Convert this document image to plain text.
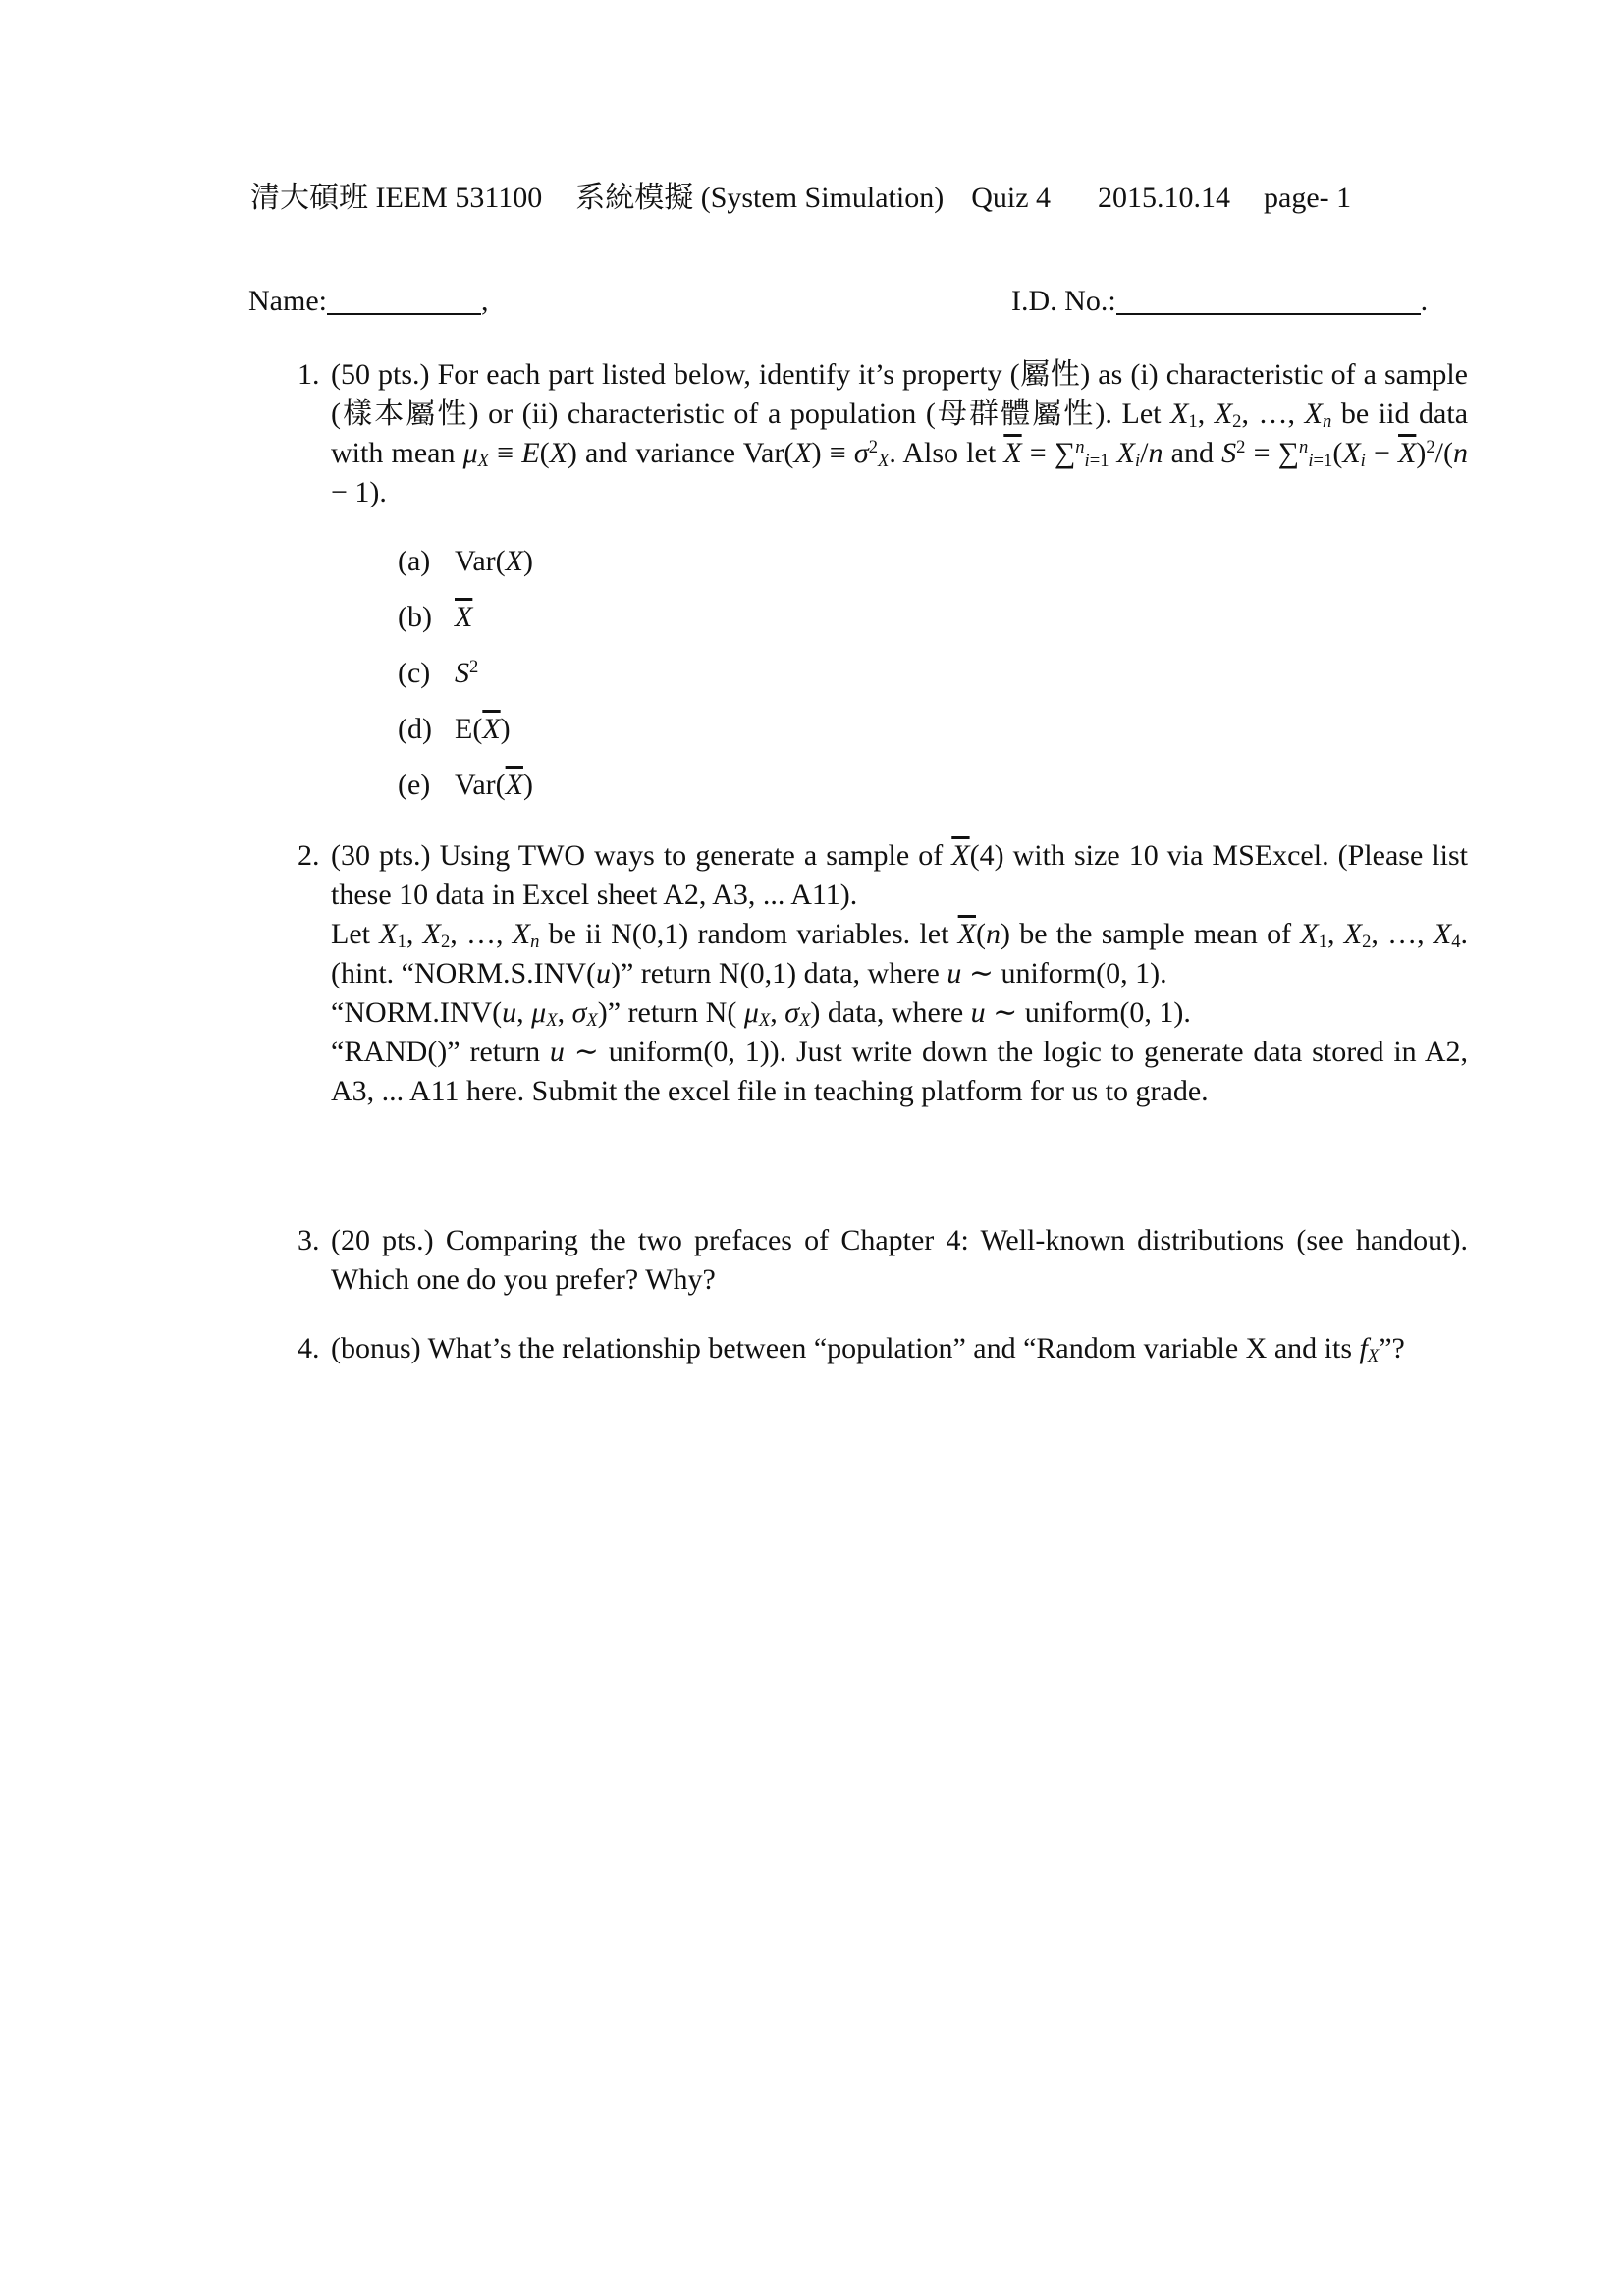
清大碩班 IEEM 531100 系統模擬 (System Simulation) Quiz 4 2015.10.14 page- 1
Name:	,	I.D. No.:	.
1. (50 pts.) For each part listed below, identify it’s property (屬性) as (i) characteristic of a sample (樣本屬性) or (ii) characteristic of a population (母群體屬性). Let $X_1$, $X_2$, …, $X_n$ be iid data with mean $\mu_X \equiv E(X)$ and variance $Var(X) \equiv \sigma^2_X$. Also let $\overline{X} = \sum^n_{i=1}$ $X_i/n$ and $S^2 = \sum^n_{i=1}(X_i - \overline{X})^2/(n - 1)$.
(a) Var(X)
(b) $\overline{X}$
(c) $S^2$
(d) $E(\overline{X})$
(e) $Var(\overline{X})$
2. (30 pts.) Using TWO ways to generate a sample of $\overline{X}(4)$ with size 10 via MSExcel. (Please list these 10 data in Excel sheet A2, A3, ... A11).
Let $X_1$, $X_2$, …, $X_n$ be ii N(0,1) random variables. let $\overline{X}(n)$ be the sample mean of $X_1$, $X_2$, …, $X_4$. (hint. “NORM.S.INV(u)” return N(0,1) data, where u ∼ uniform(0, 1).
“NORM.INV(u, $\mu_X$, $\sigma_X$)” return N( $\mu_X$, $\sigma_X$) data, where u ∼ uniform(0, 1).
“RAND()” return u ∼ uniform(0, 1)). Just write down the logic to generate data stored in A2, A3, ... A11 here. Submit the excel file in teaching platform for us to grade.
3. (20 pts.) Comparing the two prefaces of Chapter 4: Well-known distributions (see handout). Which one do you prefer? Why?
4. (bonus) What’s the relationship between “population” and “Random variable X and its $f_X$”?
